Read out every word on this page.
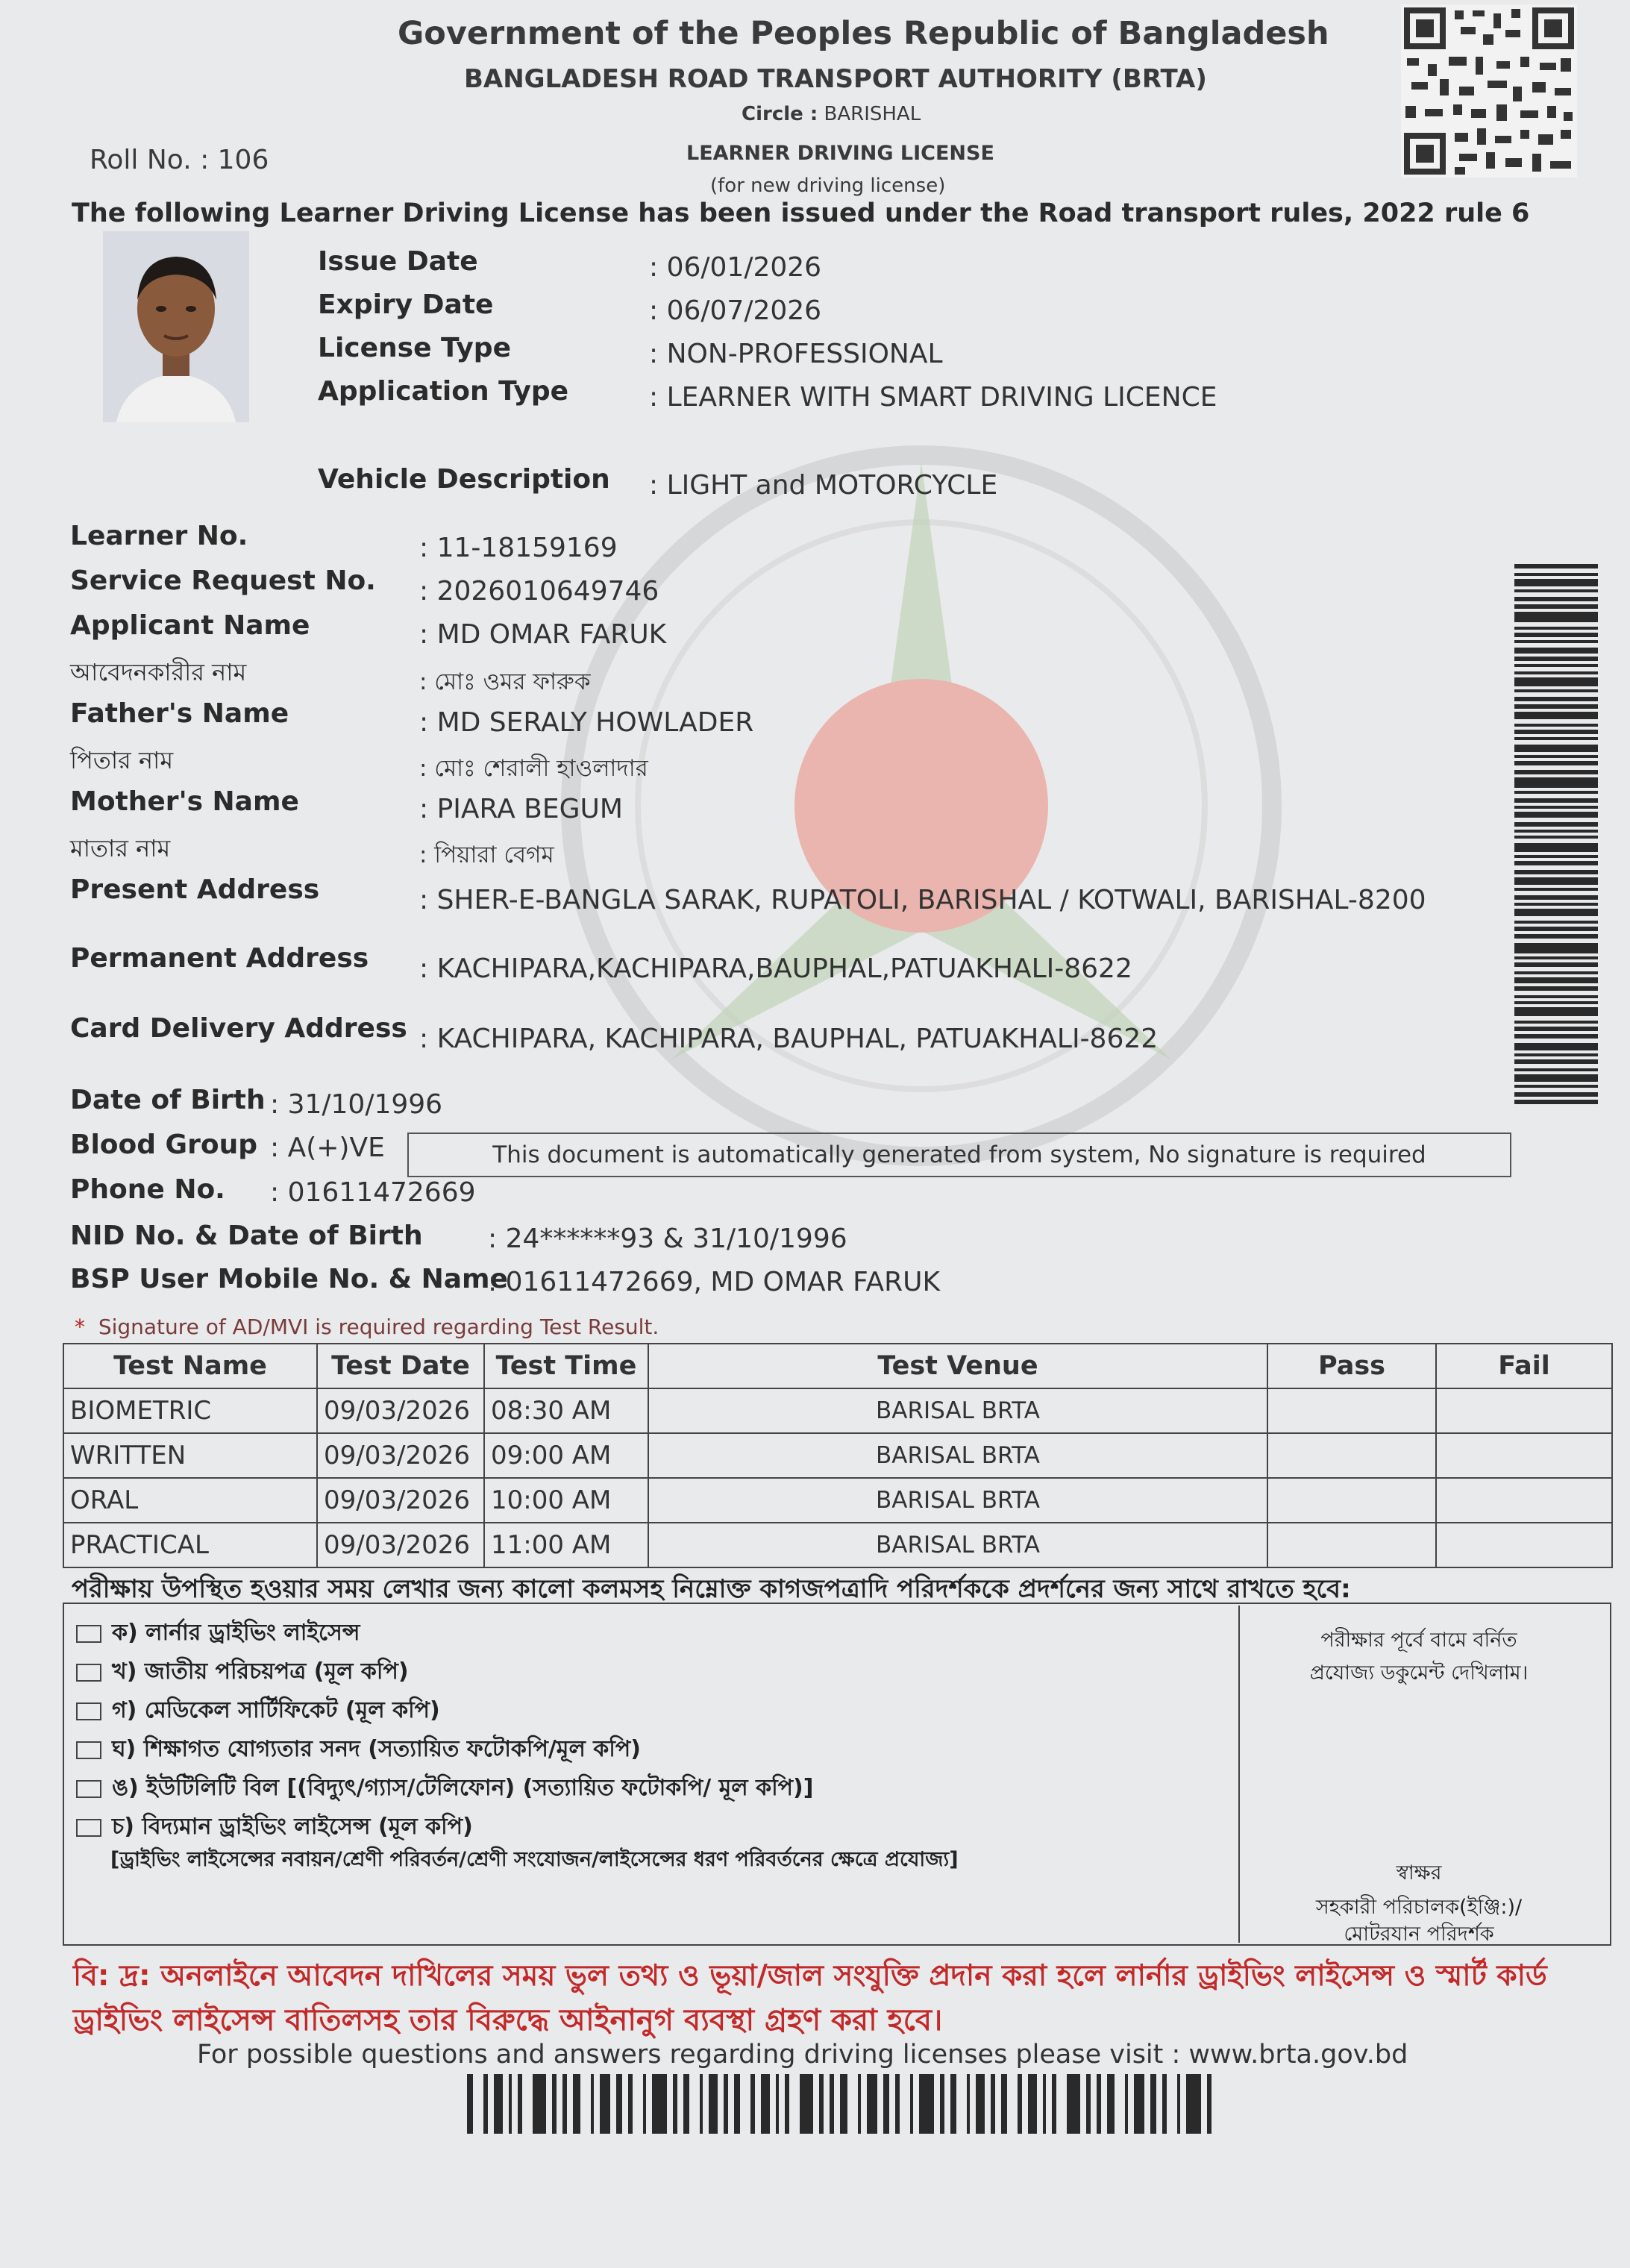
Government of the Peoples Republic of Bangladesh
BANGLADESH ROAD TRANSPORT AUTHORITY (BRTA)
Circle : BARISHAL
Roll No. : 106	LEARNER DRIVING LICENSE
(for new driving license)
The following Learner Driving License has been issued under the Road transport rules, 2022 rule 6
Issue Date	: 06/01/2026
Expiry Date	: 06/07/2026
License Type	: NON-PROFESSIONAL
Application Type	: LEARNER WITH SMART DRIVING LICENCE
Vehicle Description : LIGHT and MOTORCYCLE
Learner No.	: 11-18159169
Service Request No. : 2026010649746
Applicant Name	: MD OMAR FARUK
আবেদনকারীর নাম	: মোঃ ওমর ফারুক
Father's Name	: MD SERALY HOWLADER
পিতার নাম	: মোঃ শেরালী হাওলাদার
Mother's Name	: PIARA BEGUM
মাতার নাম	: পিয়ারা বেগম
Present Address	: SHER-E-BANGLA SARAK, RUPATOLI, BARISHAL / KOTWALI, BARISHAL-8200
Permanent Address : KACHIPARA,KACHIPARA,BAUPHAL,PATUAKHALI-8622
Card Delivery Address : KACHIPARA, KACHIPARA, BAUPHAL, PATUAKHALI-8622
Date of Birth : 31/10/1996
Blood Group : A(+)VE	This document is automatically generated from system, No signature is required
Phone No. : 01611472669
NID No. & Date of Birth : 24******93 & 31/10/1996
BSP User Mobile No. & Name
: 01611472669, MD OMAR FARUK
* Signature of AD/MVI is required regarding Test Result.
Test Name	Test Date	Test Time	Test Venue	Pass	Fail
BIOMETRIC	09/03/2026	08:30 AM	BARISAL BRTA		
WRITTEN	09/03/2026	09:00 AM	BARISAL BRTA		
ORAL	09/03/2026	10:00 AM	BARISAL BRTA		
PRACTICAL	09/03/2026	11:00 AM	BARISAL BRTA		
পরীক্ষায় উপস্থিত হওয়ার সময় লেখার জন্য কালো কলমসহ নিম্নোক্ত কাগজপত্রাদি পরিদর্শককে প্রদর্শনের জন্য সাথে রাখতে হবে:
ক) লার্নার ড্রাইভিং লাইসেন্স
খ) জাতীয় পরিচয়পত্র (মূল কপি)
গ) মেডিকেল সার্টিফিকেট (মূল কপি)
ঘ) শিক্ষাগত যোগ্যতার সনদ (সত্যায়িত ফটোকপি/মূল কপি)
ঙ) ইউটিলিটি বিল [(বিদ্যুৎ/গ্যাস/টেলিফোন) (সত্যায়িত ফটোকপি/ মূল কপি)]
চ) বিদ্যমান ড্রাইভিং লাইসেন্স (মূল কপি)
[ড্রাইভিং লাইসেন্সের নবায়ন/শ্রেণী পরিবর্তন/শ্রেণী সংযোজন/লাইসেন্সের ধরণ পরিবর্তনের ক্ষেত্রে প্রযোজ্য]
পরীক্ষার পূর্বে বামে বর্নিত
প্রযোজ্য ডকুমেন্ট দেখিলাম।
স্বাক্ষর
সহকারী পরিচালক(ইঞ্জি:)/
মোটরযান পরিদর্শক
বি: দ্র: অনলাইনে আবেদন দাখিলের সময় ভুল তথ্য ও ভূয়া/জাল সংযুক্তি প্রদান করা হলে লার্নার ড্রাইভিং লাইসেন্স ও স্মার্ট কার্ড
ড্রাইভিং লাইসেন্স বাতিলসহ তার বিরুদ্ধে আইনানুগ ব্যবস্থা গ্রহণ করা হবে।
For possible questions and answers regarding driving licenses please visit : www.brta.gov.bd
